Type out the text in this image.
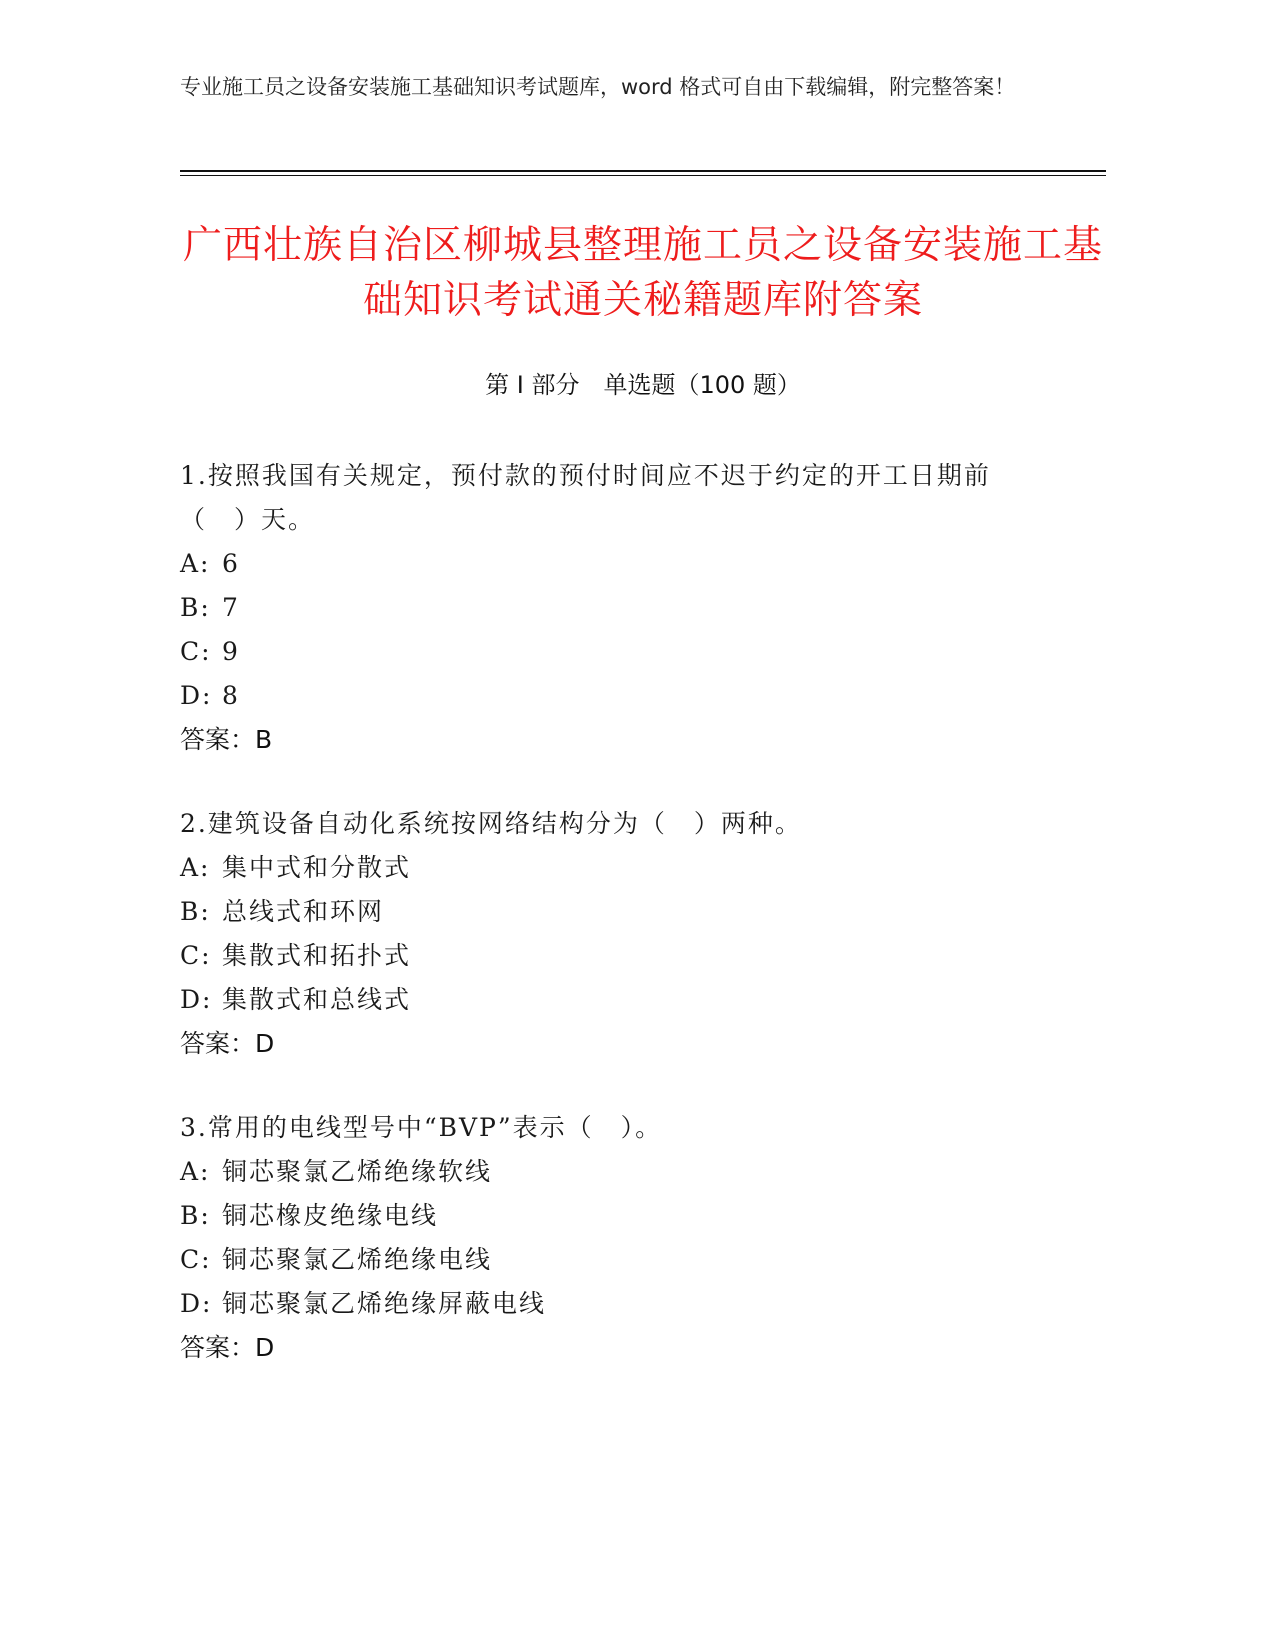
专业施工员之设备安装施工基础知识考试题库，word 格式可自由下载编辑，附完整答案！
广西壮族自治区柳城县整理施工员之设备安装施工基础知识考试通关秘籍题库附答案
第 I 部分　单选题（100 题）
1.按照我国有关规定，预付款的预付时间应不迟于约定的开工日期前（　）天。
A: 6
B: 7
C: 9
D: 8
答案：B
2.建筑设备自动化系统按网络结构分为（　）两种。
A: 集中式和分散式
B: 总线式和环网
C: 集散式和拓扑式
D: 集散式和总线式
答案：D
3.常用的电线型号中“BVP”表示（　）。
A: 铜芯聚氯乙烯绝缘软线
B: 铜芯橡皮绝缘电线
C: 铜芯聚氯乙烯绝缘电线
D: 铜芯聚氯乙烯绝缘屏蔽电线
答案：D
